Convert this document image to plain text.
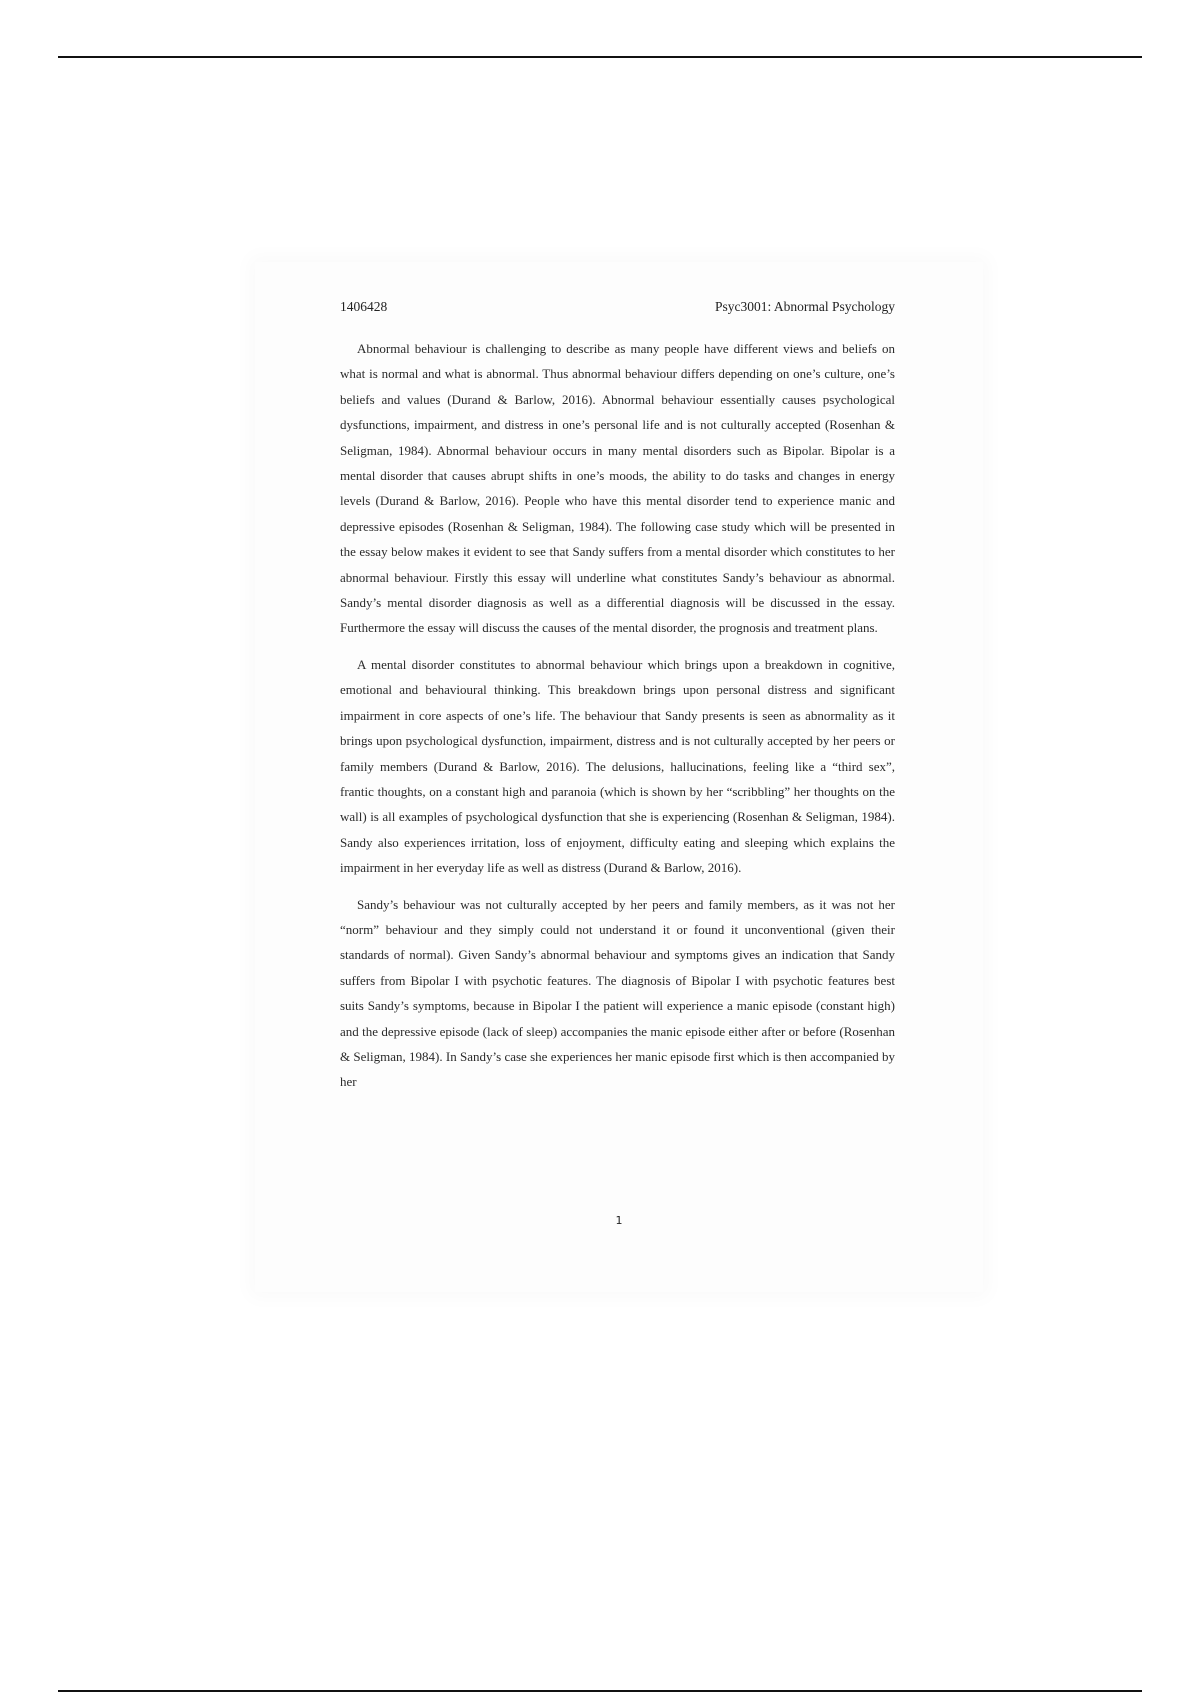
1406428	Psyc3001: Abnormal Psychology

Abnormal behaviour is challenging to describe as many people have different views and beliefs on what is normal and what is abnormal. Thus abnormal behaviour differs depending on one’s culture, one’s beliefs and values (Durand & Barlow, 2016). Abnormal behaviour essentially causes psychological dysfunctions, impairment, and distress in one’s personal life and is not culturally accepted (Rosenhan & Seligman, 1984). Abnormal behaviour occurs in many mental disorders such as Bipolar. Bipolar is a mental disorder that causes abrupt shifts in one’s moods, the ability to do tasks and changes in energy levels (Durand & Barlow, 2016). People who have this mental disorder tend to experience manic and depressive episodes (Rosenhan & Seligman, 1984). The following case study which will be presented in the essay below makes it evident to see that Sandy suffers from a mental disorder which constitutes to her abnormal behaviour. Firstly this essay will underline what constitutes Sandy’s behaviour as abnormal. Sandy’s mental disorder diagnosis as well as a differential diagnosis will be discussed in the essay. Furthermore the essay will discuss the causes of the mental disorder, the prognosis and treatment plans.

A mental disorder constitutes to abnormal behaviour which brings upon a breakdown in cognitive, emotional and behavioural thinking. This breakdown brings upon personal distress and significant impairment in core aspects of one’s life. The behaviour that Sandy presents is seen as abnormality as it brings upon psychological dysfunction, impairment, distress and is not culturally accepted by her peers or family members (Durand & Barlow, 2016). The delusions, hallucinations, feeling like a “third sex”, frantic thoughts, on a constant high and paranoia (which is shown by her “scribbling” her thoughts on the wall) is all examples of psychological dysfunction that she is experiencing (Rosenhan & Seligman, 1984). Sandy also experiences irritation, loss of enjoyment, difficulty eating and sleeping which explains the impairment in her everyday life as well as distress (Durand & Barlow, 2016).

Sandy’s behaviour was not culturally accepted by her peers and family members, as it was not her “norm” behaviour and they simply could not understand it or found it unconventional (given their standards of normal). Given Sandy’s abnormal behaviour and symptoms gives an indication that Sandy suffers from Bipolar I with psychotic features. The diagnosis of Bipolar I with psychotic features best suits Sandy’s symptoms, because in Bipolar I the patient will experience a manic episode (constant high) and the depressive episode (lack of sleep) accompanies the manic episode either after or before (Rosenhan & Seligman, 1984). In Sandy’s case she experiences her manic episode first which is then accompanied by her

1
